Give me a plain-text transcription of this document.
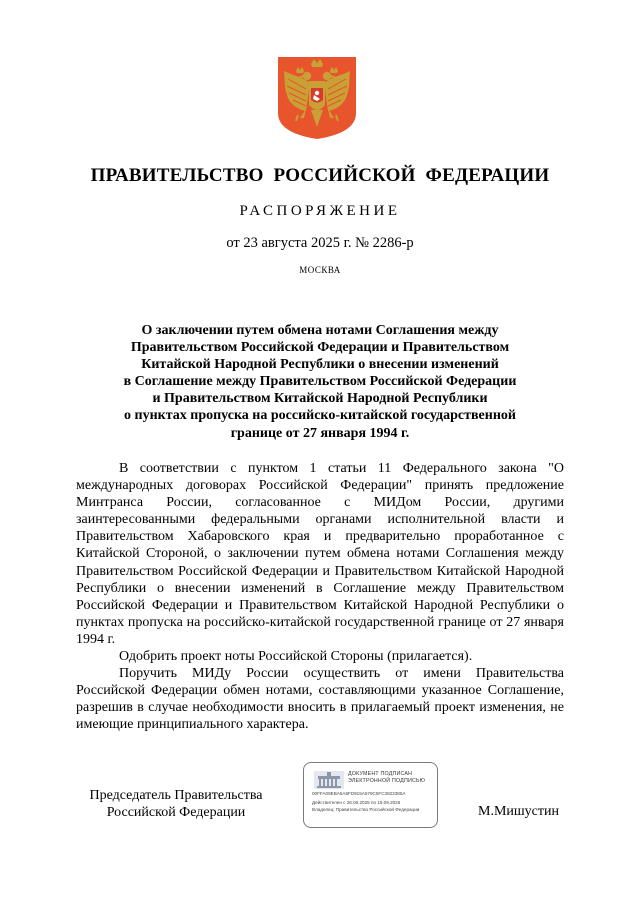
ПРАВИТЕЛЬСТВО РОССИЙСКОЙ ФЕДЕРАЦИИ
РАСПОРЯЖЕНИЕ
от 23 августа 2025 г. № 2286-р
МОСКВА
О заключении путем обмена нотами Соглашения между
Правительством Российской Федерации и Правительством
Китайской Народной Республики о внесении изменений
в Соглашение между Правительством Российской Федерации
и Правительством Китайской Народной Республики
о пунктах пропуска на российско-китайской государственной
границе от 27 января 1994 г.

В соответствии с пунктом 1 статьи 11 Федерального закона "О международных договорах Российской Федерации" принять предложение Минтранса России, согласованное с МИДом России, другими заинтересованными федеральными органами исполнительной власти и Правительством Хабаровского края и предварительно проработанное с Китайской Стороной, о заключении путем обмена нотами Соглашения между Правительством Российской Федерации и Правительством Китайской Народной Республики о внесении изменений в Соглашение между Правительством Российской Федерации и Правительством Китайской Народной Республики о пунктах пропуска на российско-китайской государственной границе от 27 января 1994 г.

Одобрить проект ноты Российской Стороны (прилагается).

Поручить МИДу России осуществить от имени Правительства Российской Федерации обмен нотами, составляющими указанное Соглашение, разрешив в случае необходимости вносить в прилагаемый проект изменения, не имеющие принципиального характера.

Председатель Правительства
Российской Федерации
ДОКУМЕНТ ПОДПИСАН
ЭЛЕКТРОННОЙ ПОДПИСЬЮ
00FFA09EBA5A6FD915A579C5FC3823385A
Действителен с 26.06.2025 по 19.09.2026
Владелец: Правительство Российской Федерации	М.Мишустин
